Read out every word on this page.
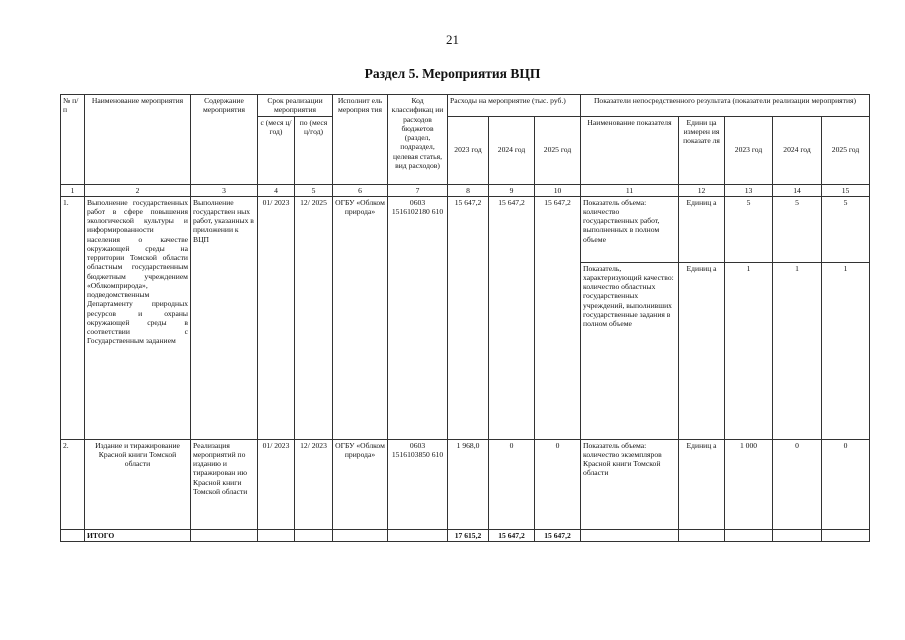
21
Раздел 5. Мероприятия ВЦП
№ п/ п	Наименование мероприятия	Содержание мероприятия	Срок реализации мероприятия		Исполнит ель мероприя тия	Код классификац ии расходов бюджетов (раздел, подраздел, целевая статья, вид расходов)	Расходы на мероприятие (тыс. руб.)			Показатели непосредственного результата (показатели реализации мероприятия)				
			с (меся ц/ год)	по (меся ц/год)			2023 год	2024 год	2025 год	Наименование показателя	Едини ца измерен ия показате ля	2023 год	2024 год	2025 год
1	2	3	4	5	6	7	8	9	10	11	12	13	14	15
1.	Выполнение государственных работ в сфере повышения экологической культуры и информированности населения о качестве окружающей среды на территории Томской области областным государственным бюджетным учреждением «Облкомприрода», подведомственным Департаменту природных ресурсов и охраны окружающей среды в соответствии с Государственным заданием	Выполнение государствен ных работ, указанных в приложении к ВЦП	01/ 2023	12/ 2025	ОГБУ «Облком природа»	0603 1516102180 610	15 647,2	15 647,2	15 647,2	Показатель объема: количество государственных работ, выполненных в полном объеме	Единиц а	5	5	5
										Показатель, характеризующий качество: количество областных государственных учреждений, выполнивших государственные задания в полном объеме	Единиц а	1	1	1
2.	Издание и тиражирование Красной книги Томской области	Реализация мероприятий по изданию и тиражирован ию Красной книги Томской области	01/ 2023	12/ 2023	ОГБУ «Облком природа»	0603 1516103850 610	1 968,0	0	0	Показатель объема: количество экземпляров Красной книги Томской области	Единиц а	1 000	0	0
	ИТОГО						17 615,2	15 647,2	15 647,2					
